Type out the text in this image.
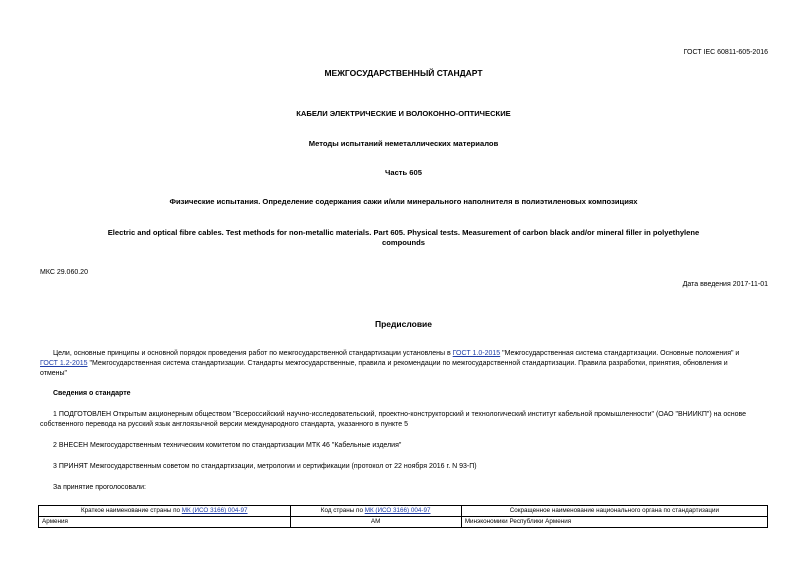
ГОСТ IEC 60811-605-2016
МЕЖГОСУДАРСТВЕННЫЙ СТАНДАРТ
КАБЕЛИ ЭЛЕКТРИЧЕСКИЕ И ВОЛОКОННО-ОПТИЧЕСКИЕ
Методы испытаний неметаллических материалов
Часть 605
Физические испытания. Определение содержания сажи и/или минерального наполнителя в полиэтиленовых композициях
Electric and optical fibre cables. Test methods for non-metallic materials. Part 605. Physical tests. Measurement of carbon black and/or mineral filler in polyethylene
compounds
МКС 29.060.20
Дата введения 2017-11-01
Предисловие
Цели, основные принципы и основной порядок проведения работ по межгосударственной стандартизации установлены в ГОСТ 1.0-2015 "Межгосударственная система стандартизации. Основные положения" и
ГОСТ 1.2-2015 "Межгосударственная система стандартизации. Стандарты межгосударственные, правила и рекомендации по межгосударственной стандартизации. Правила разработки, принятия, обновления и
отмены"
Сведения о стандарте
1 ПОДГОТОВЛЕН Открытым акционерным обществом "Всероссийский научно-исследовательский, проектно-конструкторский и технологический институт кабельной промышленности" (ОАО "ВНИИКП") на основе
собственного перевода на русский язык англоязычной версии международного стандарта, указанного в пункте 5
2 ВНЕСЕН Межгосударственным техническим комитетом по стандартизации МТК 46 "Кабельные изделия"
3 ПРИНЯТ Межгосударственным советом по стандартизации, метрологии и сертификации (протокол от 22 ноября 2016 г. N 93-П)
За принятие проголосовали:
Краткое наименование страны по МК (ИСО 3166) 004-97	Код страны по МК (ИСО 3166) 004-97	Сокращенное наименование национального органа по стандартизации
Армения	AM	Минэкономики Республики Армения
